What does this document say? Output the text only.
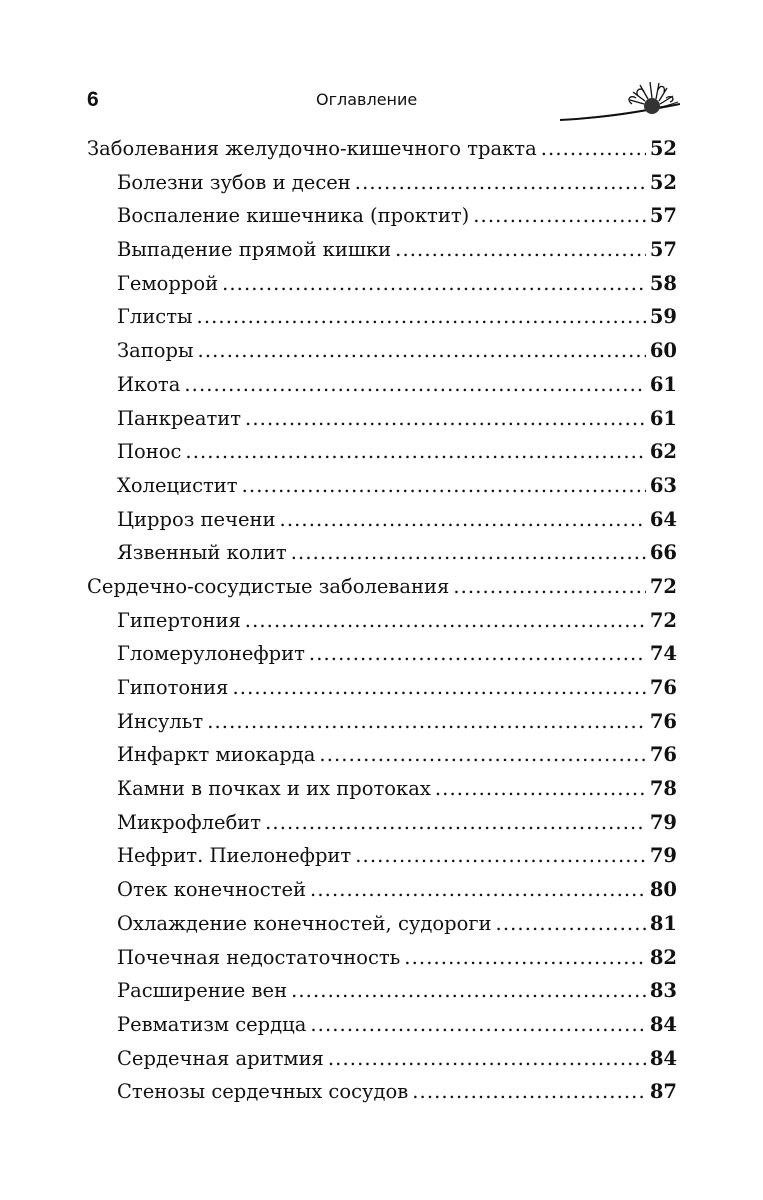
6	Оглавление
Заболевания желудочно-кишечного тракта .....	52
Болезни зубов и десен .....	52
Воспаление кишечника (проктит) .....	57
Выпадение прямой кишки .....	57
Геморрой .....	58
Глисты .....	59
Запоры .....	60
Икота .....	61
Панкреатит .....	61
Понос .....	62
Холецистит .....	63
Цирроз печени .....	64
Язвенный колит .....	66
Сердечно-сосудистые заболевания .....	72
Гипертония .....	72
Гломерулонефрит .....	74
Гипотония .....	76
Инсульт .....	76
Инфаркт миокарда .....	76
Камни в почках и их протоках .....	78
Микрофлебит .....	79
Нефрит. Пиелонефрит .....	79
Отек конечностей .....	80
Охлаждение конечностей, судороги .....	81
Почечная недостаточность .....	82
Расширение вен .....	83
Ревматизм сердца .....	84
Сердечная аритмия .....	84
Стенозы сердечных сосудов .....	87
